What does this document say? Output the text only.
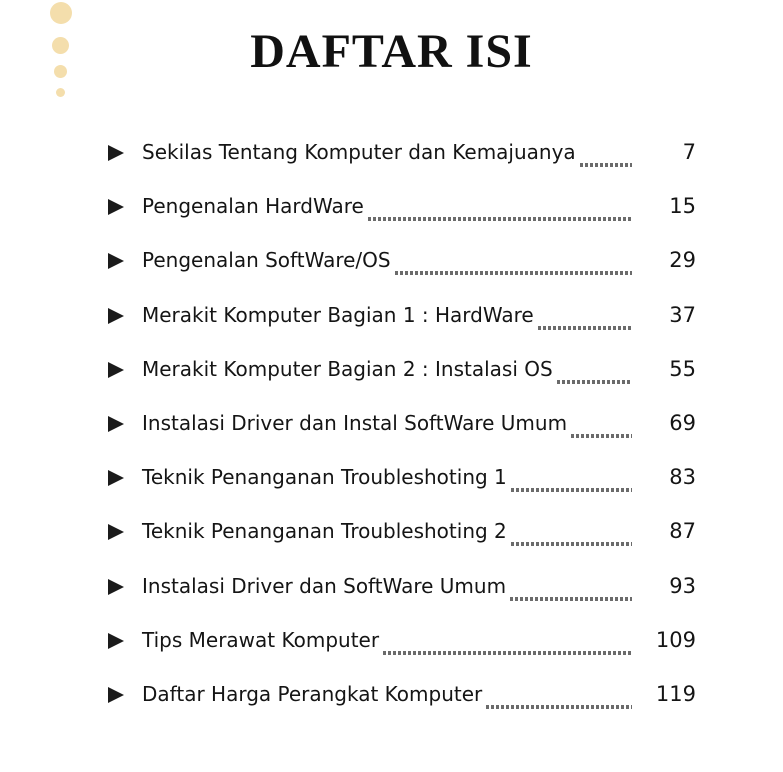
DAFTAR ISI
Sekilas Tentang Komputer dan Kemajuanya	7
Pengenalan HardWare	15
Pengenalan SoftWare/OS	29
Merakit Komputer Bagian 1 : HardWare	37
Merakit Komputer Bagian 2 : Instalasi OS	55
Instalasi Driver dan Instal SoftWare Umum	69
Teknik Penanganan Troubleshoting 1	83
Teknik Penanganan Troubleshoting 2	87
Instalasi Driver dan SoftWare Umum	93
Tips Merawat Komputer	109
Daftar Harga Perangkat Komputer	119
